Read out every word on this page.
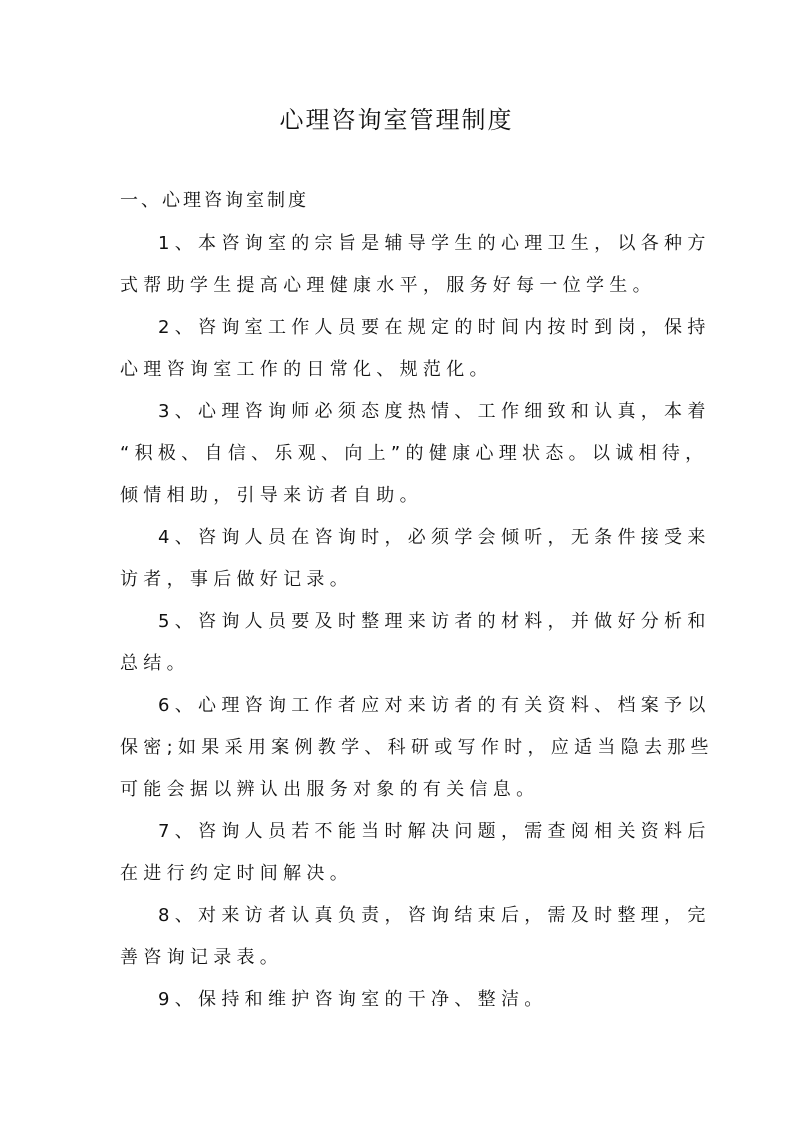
心理咨询室管理制度
一、心理咨询室制度
1、本咨询室的宗旨是辅导学生的心理卫生，以各种方
式帮助学生提高心理健康水平，服务好每一位学生。
2、咨询室工作人员要在规定的时间内按时到岗，保持
心理咨询室工作的日常化、规范化。
3、心理咨询师必须态度热情、工作细致和认真，本着
“积极、自信、乐观、向上”的健康心理状态。以诚相待，
倾情相助，引导来访者自助。
4、咨询人员在咨询时，必须学会倾听，无条件接受来
访者，事后做好记录。
5、咨询人员要及时整理来访者的材料，并做好分析和
总结。
6、心理咨询工作者应对来访者的有关资料、档案予以
保密;如果采用案例教学、科研或写作时，应适当隐去那些
可能会据以辨认出服务对象的有关信息。
7、咨询人员若不能当时解决问题，需查阅相关资料后
在进行约定时间解决。
8、对来访者认真负责，咨询结束后，需及时整理，完
善咨询记录表。
9、保持和维护咨询室的干净、整洁。
